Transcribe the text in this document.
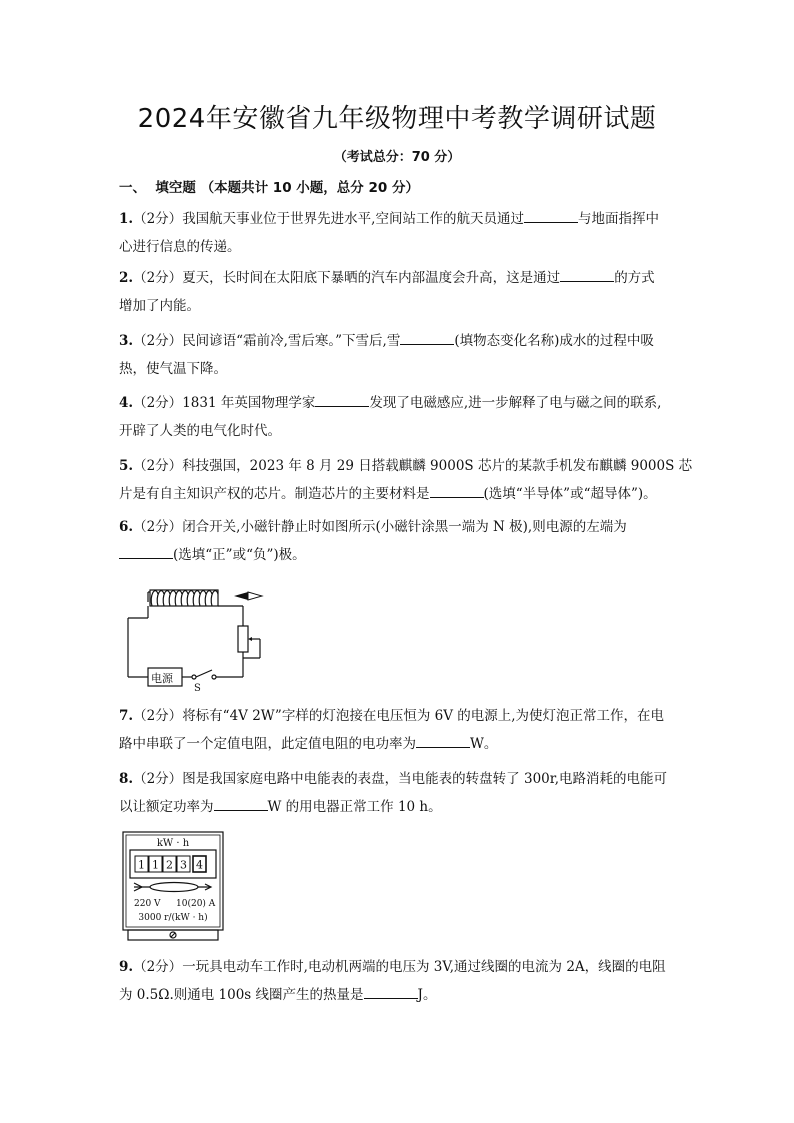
2024年安徽省九年级物理中考教学调研试题
（考试总分：70 分）
一、  填空题 （本题共计 10 小题，总分 20 分）
1.（2分）我国航天事业位于世界先进水平,空间站工作的航天员通过	与地面指挥中
心进行信息的传递。
2.（2分）夏天，长时间在太阳底下暴晒的汽车内部温度会升高，这是通过	的方式
增加了内能。
3.（2分）民间谚语“霜前冷,雪后寒。”下雪后,雪	(填物态变化名称)成水的过程中吸
热，使气温下降。
4.（2分）1831 年英国物理学家	发现了电磁感应,进一步解释了电与磁之间的联系,
开辟了人类的电气化时代。
5.（2分）科技强国，2023 年 8 月 29 日搭载麒麟 9000S 芯片的某款手机发布麒麟 9000S 芯
片是有自主知识产权的芯片。制造芯片的主要材料是	(选填“半导体”或“超导体”)。
6.（2分）闭合开关,小磁针静止时如图所示(小磁针涂黑一端为 N 极),则电源的左端为
(选填“正”或“负”)极。
电源
S
7.（2分）将标有“4V 2W”字样的灯泡接在电压恒为 6V 的电源上,为使灯泡正常工作，在电
路中串联了一个定值电阻，此定值电阻的电功率为	W。
8.（2分）图是我国家庭电路中电能表的表盘，当电能表的转盘转了 300r,电路消耗的电能可
以让额定功率为	W 的用电器正常工作 10 h。
kW · h
1 1 2 3 4
220 V 10(20) A
3000 r/(kW · h)
9.（2分）一玩具电动车工作时,电动机两端的电压为 3V,通过线圈的电流为 2A，线圈的电阻
为 0.5Ω.则通电 100s 线圈产生的热量是	J。
